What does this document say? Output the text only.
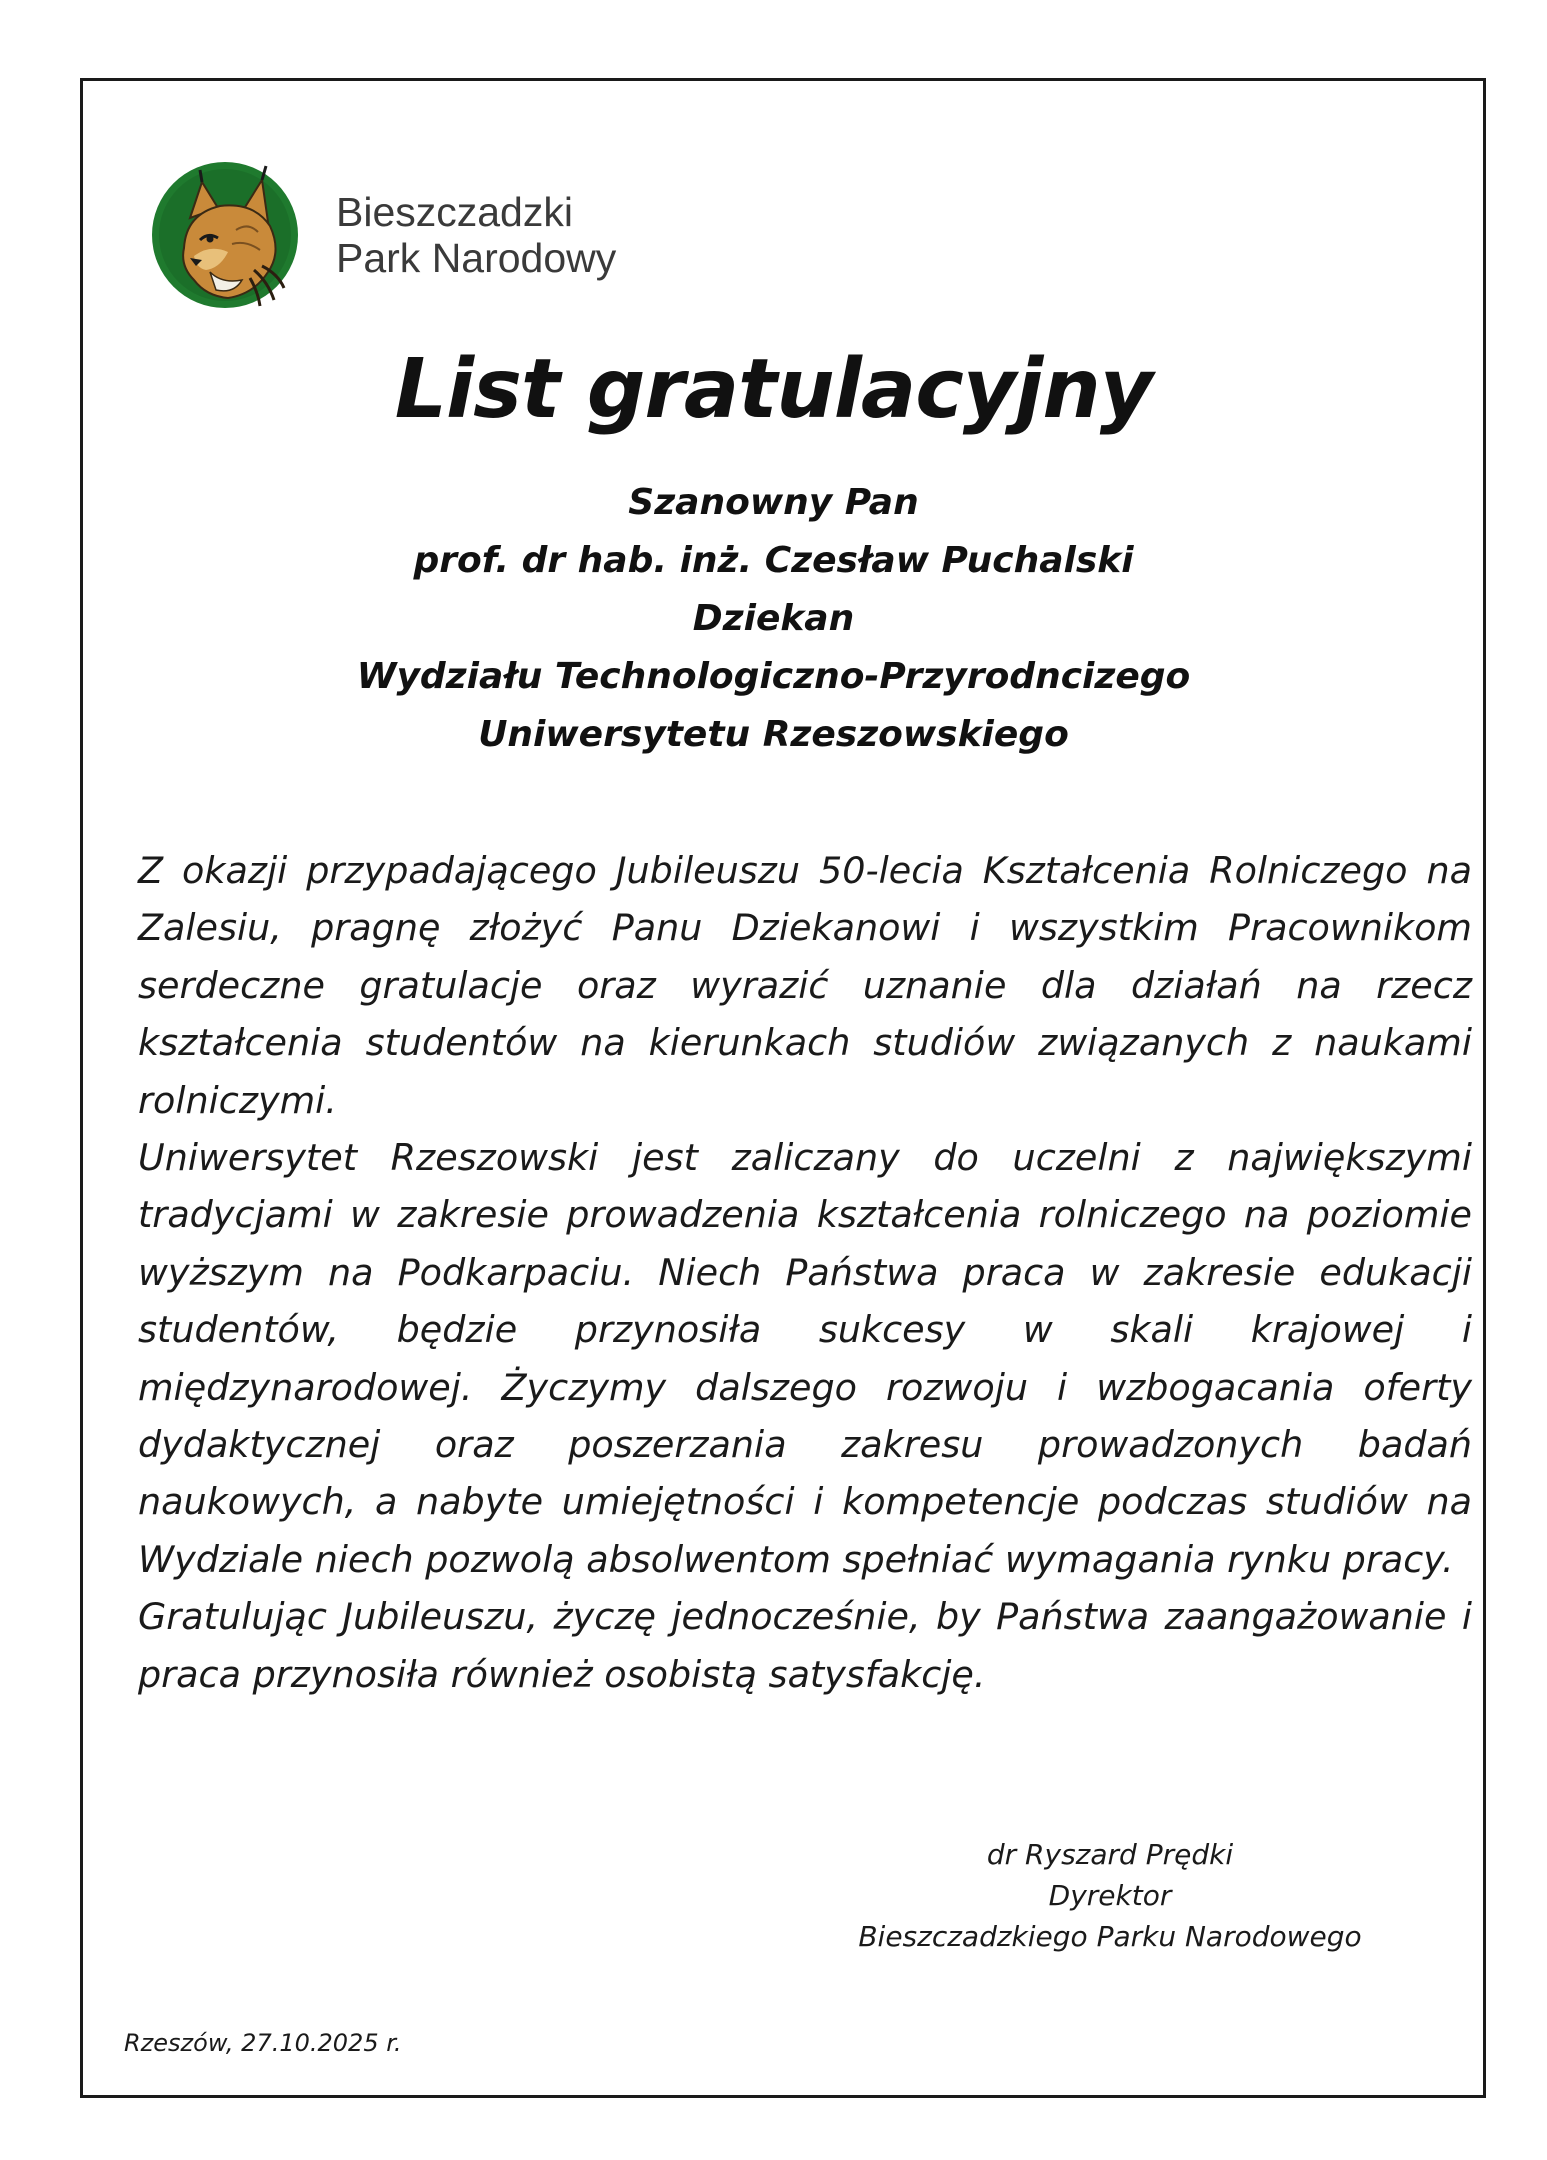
Bieszczadzki
Park Narodowy
List gratulacyjny
Szanowny Pan
prof. dr hab. inż. Czesław Puchalski
Dziekan
Wydziału Technologiczno-Przyrodncizego
Uniwersytetu Rzeszowskiego

Z okazji przypadającego Jubileuszu 50-lecia Kształcenia Rolniczego na Zalesiu, pragnę złożyć Panu Dziekanowi i wszystkim Pracownikom serdeczne gratulacje oraz wyrazić uznanie dla działań na rzecz kształcenia studentów na kierunkach studiów związanych z naukami rolniczymi.

Uniwersytet Rzeszowski jest zaliczany do uczelni z największymi tradycjami w zakresie prowadzenia kształcenia rolniczego na poziomie wyższym na Podkarpaciu. Niech Państwa praca w zakresie edukacji studentów, będzie przynosiła sukcesy w skali krajowej i międzynarodowej. Życzymy dalszego rozwoju i wzbogacania oferty dydaktycznej oraz poszerzania zakresu prowadzonych badań naukowych, a nabyte umiejętności i kompetencje podczas studiów na Wydziale niech pozwolą absolwentom spełniać wymagania rynku pracy.

Gratulując Jubileuszu, życzę jednocześnie, by Państwa zaangażowanie i praca przynosiła również osobistą satysfakcję.

dr Ryszard Prędki
Dyrektor
Bieszczadzkiego Parku Narodowego
Rzeszów, 27.10.2025 r.
